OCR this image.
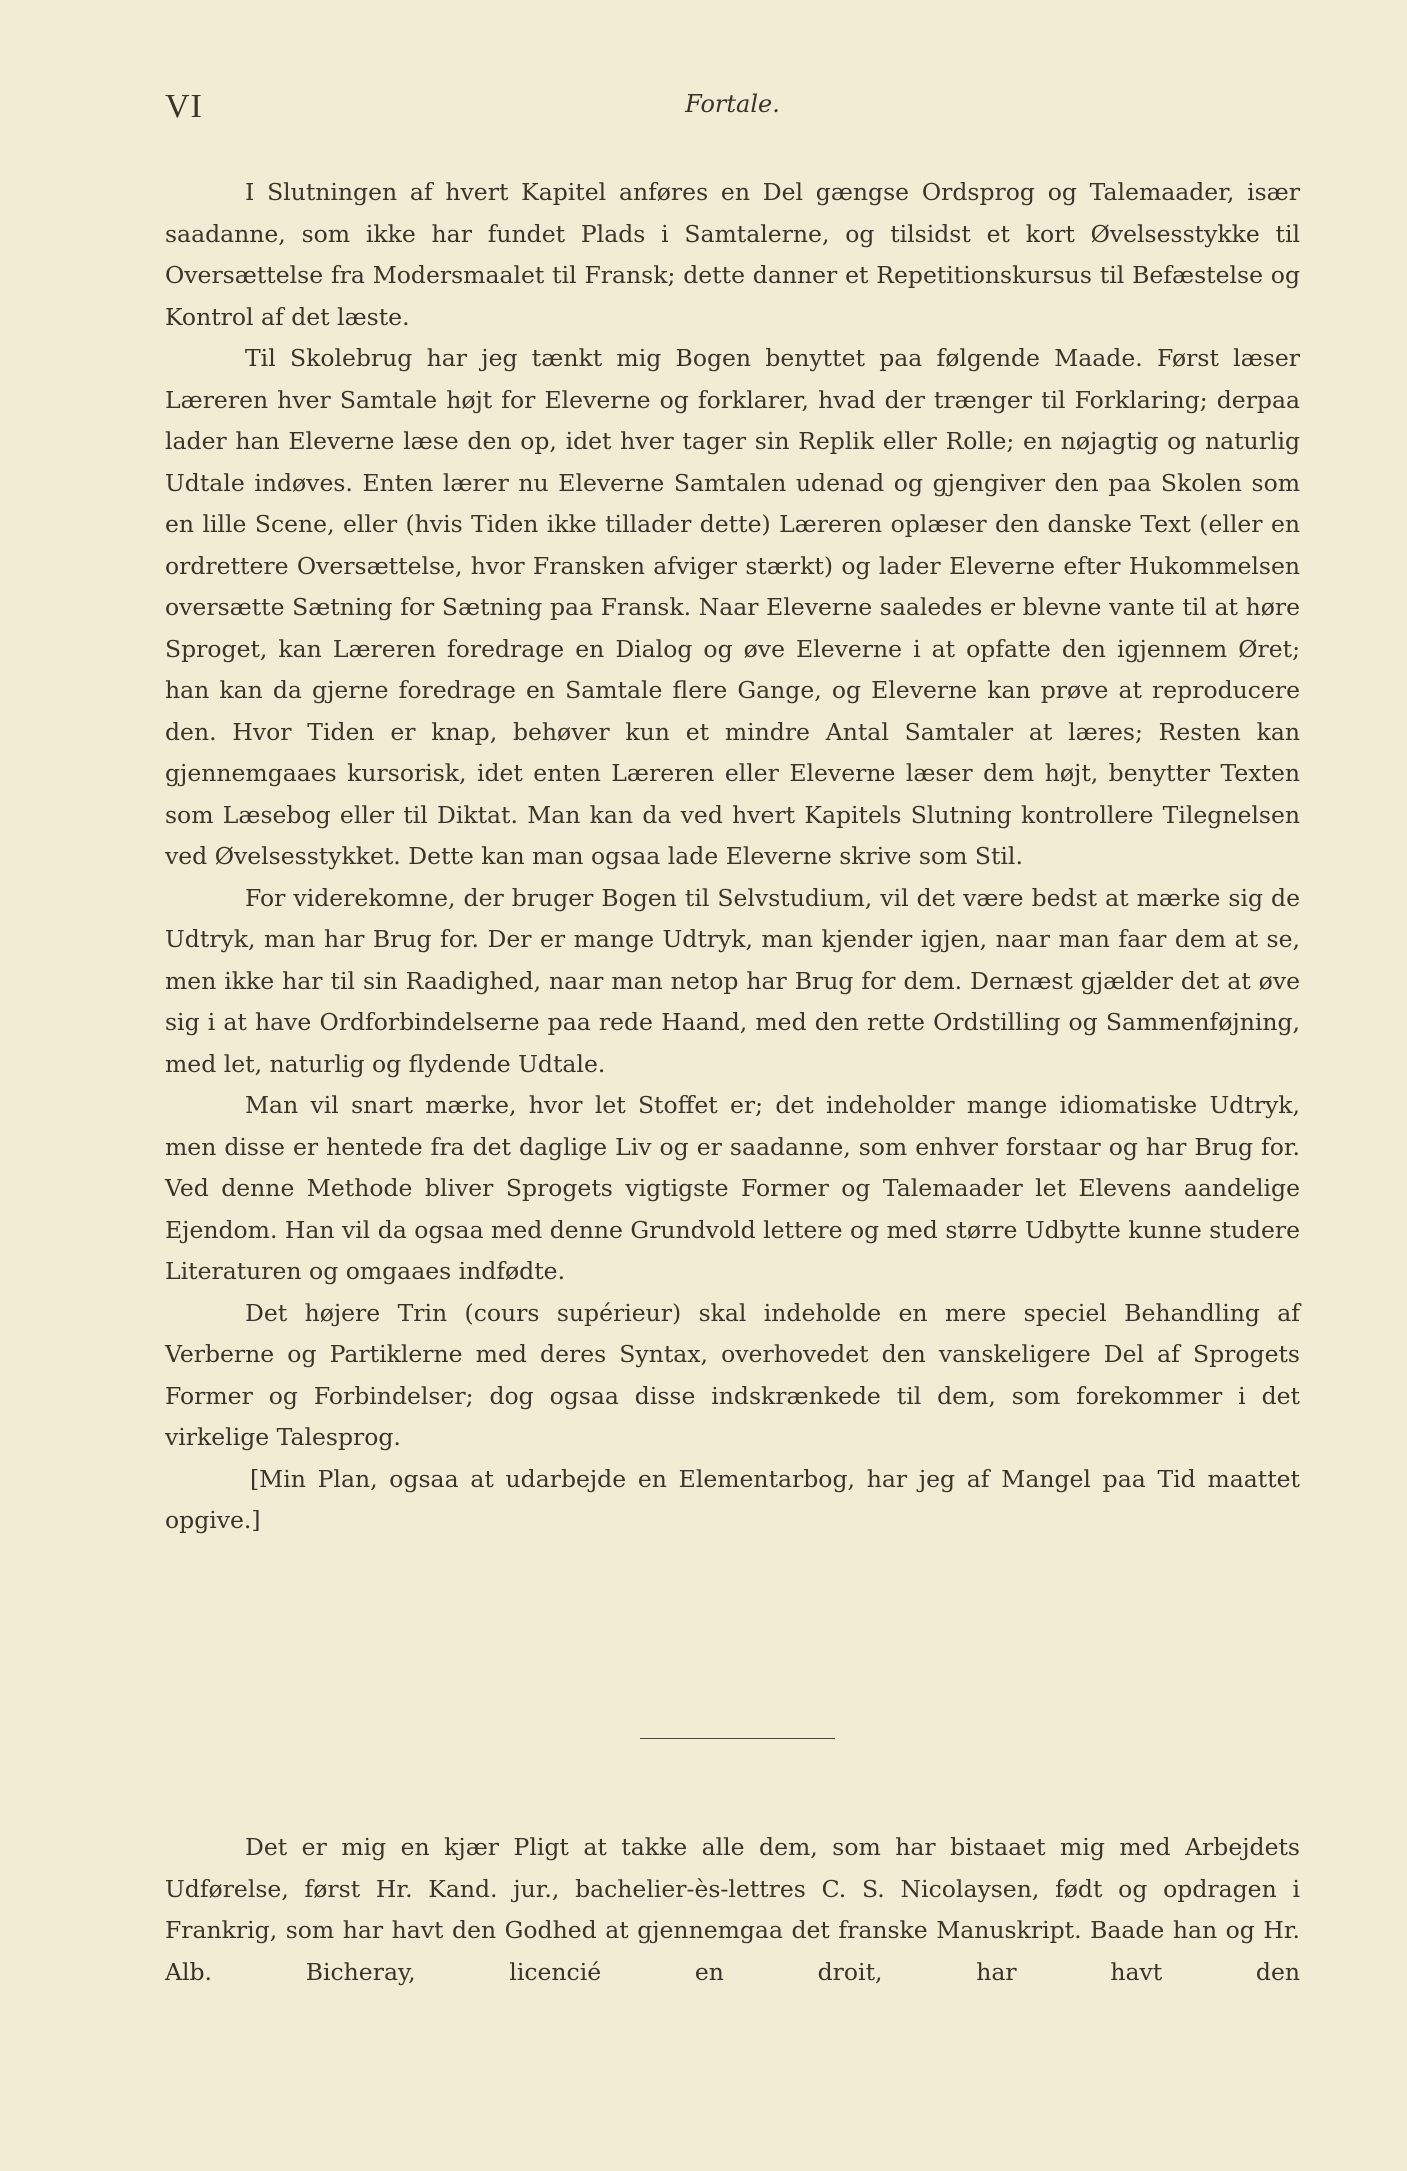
VI	Fortale.

I Slutningen af hvert Kapitel anføres en Del gængse Ordsprog og Talemaader, især saadanne, som ikke har fundet Plads i Samtalerne, og tilsidst et kort Øvelsesstykke til Oversættelse fra Modersmaalet til Fransk; dette danner et Repetitionskursus til Befæstelse og Kontrol af det læste.

Til Skolebrug har jeg tænkt mig Bogen benyttet paa følgende Maade. Først læser Læreren hver Samtale højt for Eleverne og forklarer, hvad der trænger til Forklaring; derpaa lader han Eleverne læse den op, idet hver tager sin Replik eller Rolle; en nøjagtig og naturlig Udtale indøves. Enten lærer nu Eleverne Samtalen udenad og gjengiver den paa Skolen som en lille Scene, eller (hvis Tiden ikke tillader dette) Læreren oplæser den danske Text (eller en ordrettere Oversættelse, hvor Fransken afviger stærkt) og lader Eleverne efter Hukommelsen oversætte Sætning for Sætning paa Fransk. Naar Eleverne saaledes er blevne vante til at høre Sproget, kan Læreren foredrage en Dialog og øve Eleverne i at opfatte den igjennem Øret; han kan da gjerne foredrage en Samtale flere Gange, og Eleverne kan prøve at reproducere den. Hvor Tiden er knap, behøver kun et mindre Antal Samtaler at læres; Resten kan gjennemgaaes kursorisk, idet enten Læreren eller Eleverne læser dem højt, benytter Texten som Læsebog eller til Diktat. Man kan da ved hvert Kapitels Slutning kontrollere Tilegnelsen ved Øvelsesstykket. Dette kan man ogsaa lade Eleverne skrive som Stil.

For viderekomne, der bruger Bogen til Selvstudium, vil det være bedst at mærke sig de Udtryk, man har Brug for. Der er mange Udtryk, man kjender igjen, naar man faar dem at se, men ikke har til sin Raadighed, naar man netop har Brug for dem. Dernæst gjælder det at øve sig i at have Ordforbindelserne paa rede Haand, med den rette Ordstilling og Sammenføjning, med let, naturlig og flydende Udtale.

Man vil snart mærke, hvor let Stoffet er; det indeholder mange idiomatiske Udtryk, men disse er hentede fra det daglige Liv og er saadanne, som enhver forstaar og har Brug for. Ved denne Methode bliver Sprogets vigtigste Former og Talemaader let Elevens aandelige Ejendom. Han vil da ogsaa med denne Grundvold lettere og med større Udbytte kunne studere Literaturen og omgaaes indfødte.

Det højere Trin (cours supérieur) skal indeholde en mere speciel Behandling af Verberne og Partiklerne med deres Syntax, overhovedet den vanskeligere Del af Sprogets Former og Forbindelser; dog ogsaa disse indskrænkede til dem, som forekommer i det virkelige Talesprog.

[Min Plan, ogsaa at udarbejde en Elementarbog, har jeg af Mangel paa Tid maattet opgive.]

Det er mig en kjær Pligt at takke alle dem, som har bistaaet mig med Arbejdets Udførelse, først Hr. Kand. jur., bachelier-ès-lettres C. S. Nicolaysen, født og opdragen i Frankrig, som har havt den Godhed at gjennemgaa det franske Manuskript. Baade han og Hr. Alb. Bicheray, licencié en droit, har havt den
